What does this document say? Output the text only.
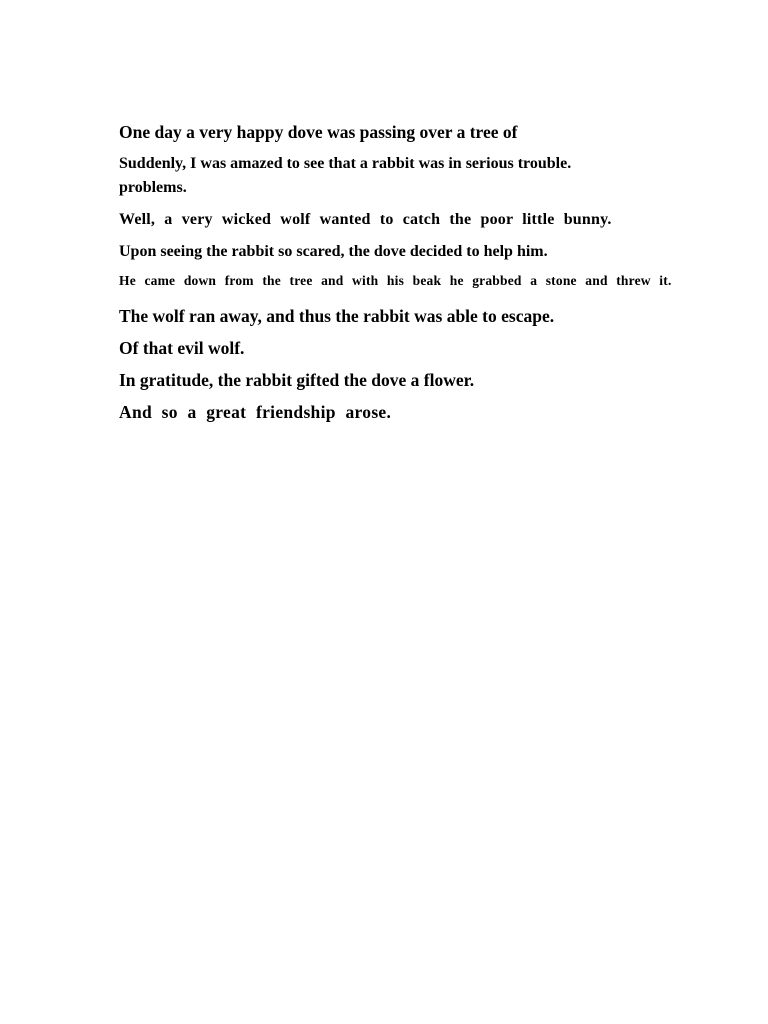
One day a very happy dove was passing over a tree of

Suddenly, I was amazed to see that a rabbit was in serious trouble.

problems.

Well, a very wicked wolf wanted to catch the poor little bunny.

Upon seeing the rabbit so scared, the dove decided to help him.

He came down from the tree and with his beak he grabbed a stone and threw it.

The wolf ran away, and thus the rabbit was able to escape.

Of that evil wolf.

In gratitude, the rabbit gifted the dove a flower.

And so a great friendship arose.
